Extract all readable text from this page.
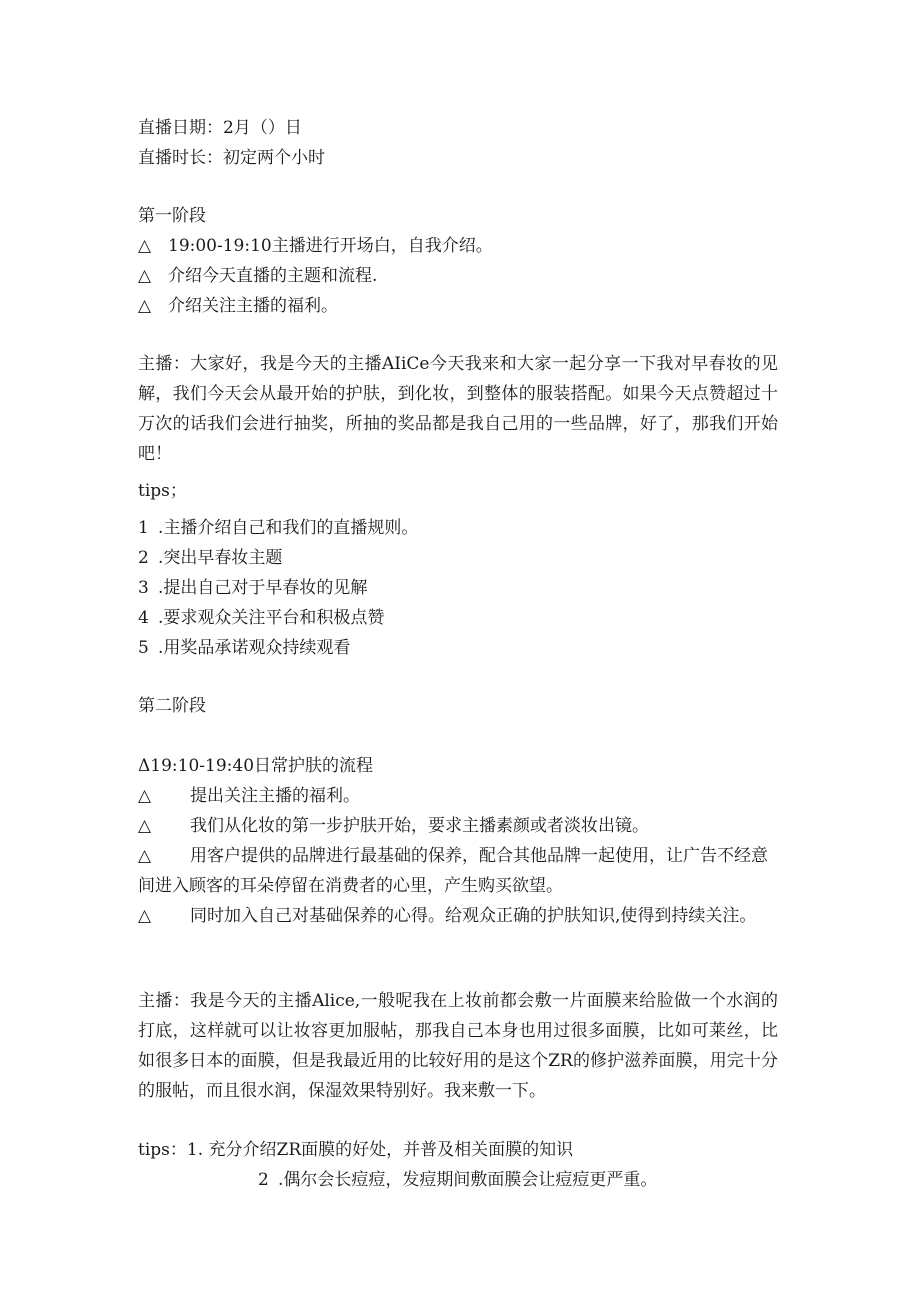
直播日期：2月（）日
直播时长：初定两个小时
第一阶段
△ 19:00-19:10主播进行开场白，自我介绍。
△ 介绍今天直播的主题和流程.
△ 介绍关注主播的福利。
主播：大家好，我是今天的主播AIiCe今天我来和大家一起分享一下我对早春妆的见解，我们今天会从最开始的护肤，到化妆，到整体的服装搭配。如果今天点赞超过十万次的话我们会进行抽奖，所抽的奖品都是我自己用的一些品牌，好了，那我们开始吧！
tips；
1 .主播介绍自己和我们的直播规则。
2 .突出早春妆主题
3 .提出自己对于早春妆的见解
4 .要求观众关注平台和积极点赞
5 .用奖品承诺观众持续观看
第二阶段
Δ19:10-19:40日常护肤的流程
△ 提出关注主播的福利。
△ 我们从化妆的第一步护肤开始，要求主播素颜或者淡妆出镜。
△ 用客户提供的品牌进行最基础的保养，配合其他品牌一起使用，让广告不经意
间进入顾客的耳朵停留在消费者的心里，产生购买欲望。
△ 同时加入自己对基础保养的心得。给观众正确的护肤知识,使得到持续关注。
主播：我是今天的主播Alice,一般呢我在上妆前都会敷一片面膜来给脸做一个水润的打底，这样就可以让妆容更加服帖，那我自己本身也用过很多面膜，比如可莱丝，比如很多日本的面膜，但是我最近用的比较好用的是这个ZR的修护滋养面膜，用完十分的服帖，而且很水润，保湿效果特别好。我来敷一下。
tips：1. 充分介绍ZR面膜的好处，并普及相关面膜的知识
2 .偶尔会长痘痘，发痘期间敷面膜会让痘痘更严重。
